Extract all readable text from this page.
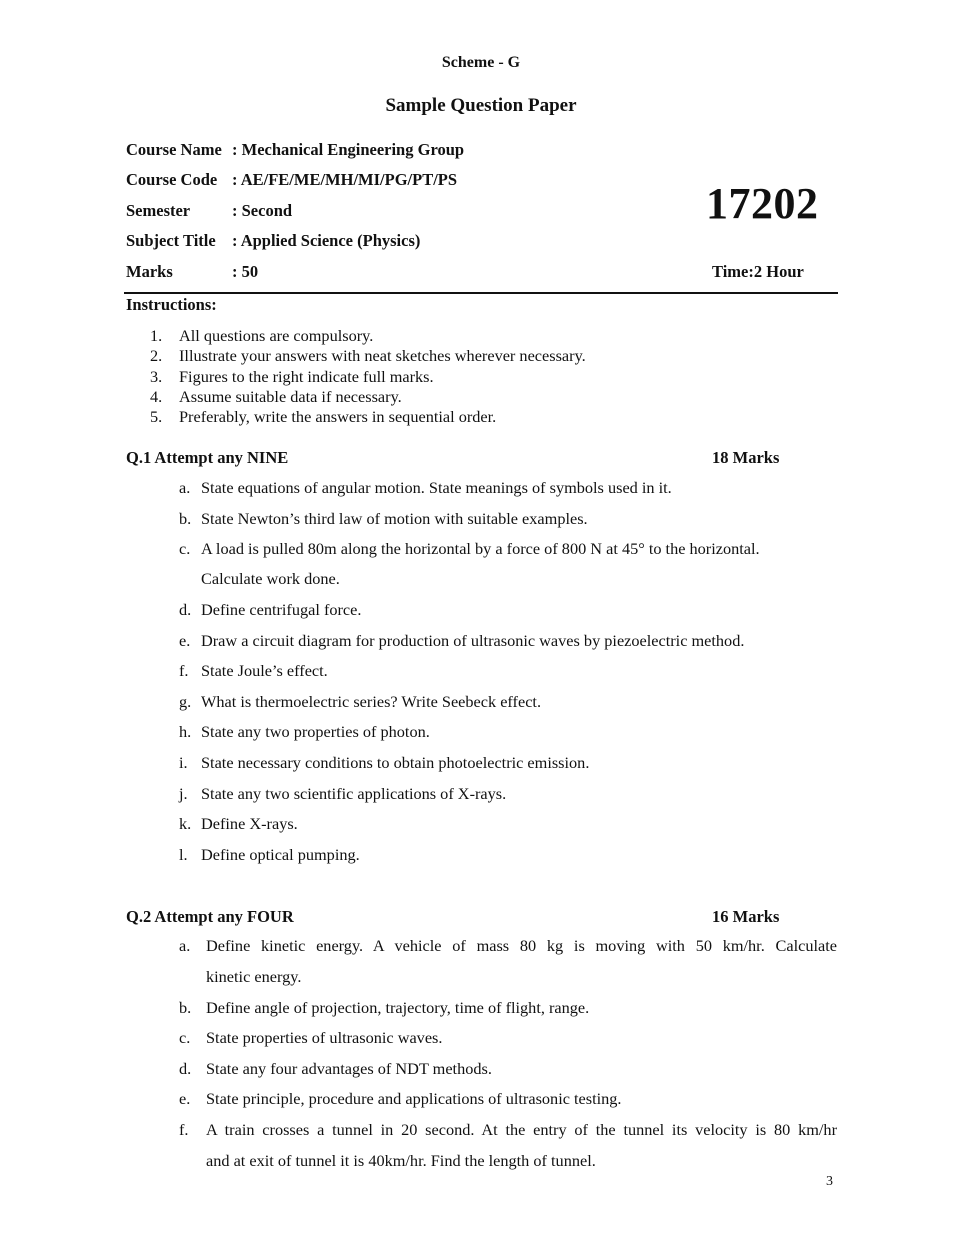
Scheme - G
Sample Question Paper
Course Name : Mechanical Engineering Group
Course Code : AE/FE/ME/MH/MI/PG/PT/PS
Semester	: Second
Subject Title : Applied Science (Physics)
Marks	: 50
17202
Time:2 Hour
Instructions:
1. All questions are compulsory.
2. Illustrate your answers with neat sketches wherever necessary.
3. Figures to the right indicate full marks.
4. Assume suitable data if necessary.
5. Preferably, write the answers in sequential order.
Q.1 Attempt any NINE	18 Marks
a. State equations of angular motion. State meanings of symbols used in it.
b. State Newton’s third law of motion with suitable examples.
c. A load is pulled 80m along the horizontal by a force of 800 N at 45° to the horizontal.
Calculate work done.
d. Define centrifugal force.
e. Draw a circuit diagram for production of ultrasonic waves by piezoelectric method.
f. State Joule’s effect.
g. What is thermoelectric series? Write Seebeck effect.
h. State any two properties of photon.
i. State necessary conditions to obtain photoelectric emission.
j. State any two scientific applications of X-rays.
k. Define X-rays.
l. Define optical pumping.
Q.2 Attempt any FOUR	16 Marks
a. Define kinetic energy. A vehicle of mass 80 kg is moving with 50 km/hr. Calculate
kinetic energy.
b. Define angle of projection, trajectory, time of flight, range.
c. State properties of ultrasonic waves.
d. State any four advantages of NDT methods.
e. State principle, procedure and applications of ultrasonic testing.
f.	A train crosses a tunnel in 20 second. At the entry of the tunnel its velocity is 80 km/hr
and at exit of tunnel it is 40km/hr. Find the length of tunnel.
3
